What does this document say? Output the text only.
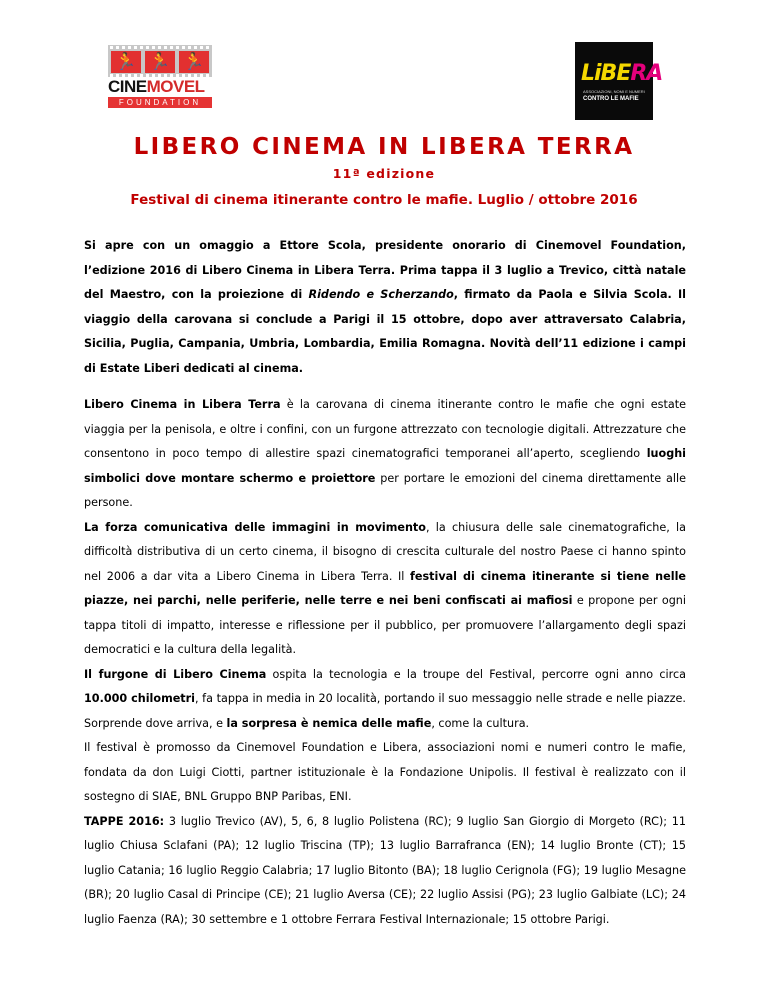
🏃 🏃 🏃
CINEMOVEL
FOUNDATION
LiBERA
ASSOCIAZIONI, NOMI E NUMERI
CONTRO LE MAFIE
LIBERO CINEMA IN LIBERA TERRA
11ª edizione
Festival di cinema itinerante contro le mafie. Luglio / ottobre 2016

Si apre con un omaggio a Ettore Scola, presidente onorario di Cinemovel Foundation, l’edizione 2016 di Libero Cinema in Libera Terra. Prima tappa il 3 luglio a Trevico, città natale del Maestro, con la proiezione di Ridendo e Scherzando, firmato da Paola e Silvia Scola. Il viaggio della carovana si conclude a Parigi il 15 ottobre, dopo aver attraversato Calabria, Sicilia, Puglia, Campania, Umbria, Lombardia, Emilia Romagna. Novità dell’11 edizione i campi di Estate Liberi dedicati al cinema.

Libero Cinema in Libera Terra è la carovana di cinema itinerante contro le mafie che ogni estate viaggia per la penisola, e oltre i confini, con un furgone attrezzato con tecnologie digitali. Attrezzature che consentono in poco tempo di allestire spazi cinematografici temporanei all’aperto, scegliendo luoghi simbolici dove montare schermo e proiettore per portare le emozioni del cinema direttamente alle persone.

La forza comunicativa delle immagini in movimento, la chiusura delle sale cinematografiche, la difficoltà distributiva di un certo cinema, il bisogno di crescita culturale del nostro Paese ci hanno spinto nel 2006 a dar vita a Libero Cinema in Libera Terra. Il festival di cinema itinerante si tiene nelle piazze, nei parchi, nelle periferie, nelle terre e nei beni confiscati ai mafiosi e propone per ogni tappa titoli di impatto, interesse e riflessione per il pubblico, per promuovere l’allargamento degli spazi democratici e la cultura della legalità.

Il furgone di Libero Cinema ospita la tecnologia e la troupe del Festival, percorre ogni anno circa 10.000 chilometri, fa tappa in media in 20 località, portando il suo messaggio nelle strade e nelle piazze. Sorprende dove arriva, e la sorpresa è nemica delle mafie, come la cultura.

Il festival è promosso da Cinemovel Foundation e Libera, associazioni nomi e numeri contro le mafie, fondata da don Luigi Ciotti, partner istituzionale è la Fondazione Unipolis. Il festival è realizzato con il sostegno di SIAE, BNL Gruppo BNP Paribas, ENI.

TAPPE 2016: 3 luglio Trevico (AV), 5, 6, 8 luglio Polistena (RC); 9 luglio San Giorgio di Morgeto (RC); 11 luglio Chiusa Sclafani (PA); 12 luglio Triscina (TP); 13 luglio Barrafranca (EN); 14 luglio Bronte (CT); 15 luglio Catania; 16 luglio Reggio Calabria; 17 luglio Bitonto (BA); 18 luglio Cerignola (FG); 19 luglio Mesagne (BR); 20 luglio Casal di Principe (CE); 21 luglio Aversa (CE); 22 luglio Assisi (PG); 23 luglio Galbiate (LC); 24 luglio Faenza (RA); 30 settembre e 1 ottobre Ferrara Festival Internazionale; 15 ottobre Parigi.
